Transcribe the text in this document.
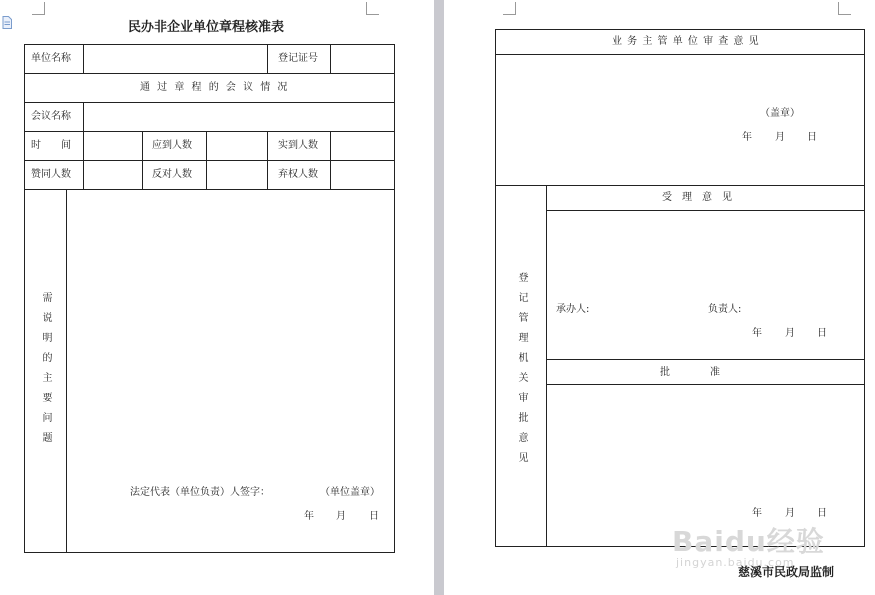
民办非企业单位章程核准表
单位名称	登记证号
通 过 章 程 的 会 议 情 况
会议名称
时　　间	应到人数	实到人数
赞同人数	反对人数	弃权人数
需说明的主要问题
法定代表（单位负责）人签字：	（单位盖章）
年 月 日
业 务 主 管 单 位 审 查 意 见
（盖章）
年 月 日
登记管理机关审批意见
受　理　意　见
承办人:	负责人:
年 月 日
批　　　　准
年 月 日
Baidu经验
jingyan.baidu.com
慈溪市民政局监制
